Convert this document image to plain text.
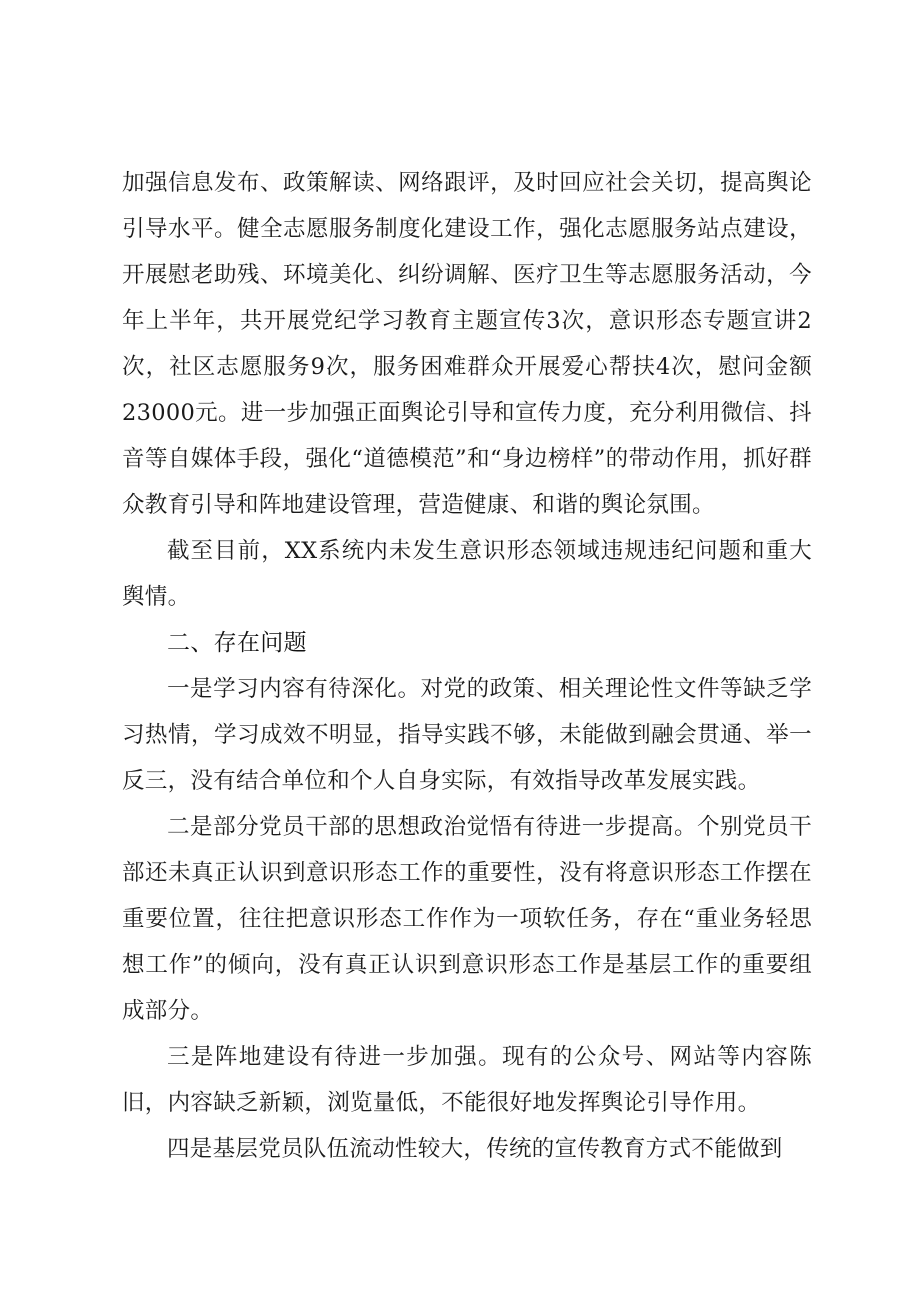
加强信息发布、政策解读、网络跟评，及时回应社会关切，提高舆论引导水平。健全志愿服务制度化建设工作，强化志愿服务站点建设，开展慰老助残、环境美化、纠纷调解、医疗卫生等志愿服务活动，今年上半年，共开展党纪学习教育主题宣传3次，意识形态专题宣讲2次，社区志愿服务9次，服务困难群众开展爱心帮扶4次，慰问金额23000元。进一步加强正面舆论引导和宣传力度，充分利用微信、抖音等自媒体手段，强化“道德模范”和“身边榜样”的带动作用，抓好群众教育引导和阵地建设管理，营造健康、和谐的舆论氛围。

截至目前，XX系统内未发生意识形态领域违规违纪问题和重大舆情。

二、存在问题

一是学习内容有待深化。对党的政策、相关理论性文件等缺乏学习热情，学习成效不明显，指导实践不够，未能做到融会贯通、举一反三，没有结合单位和个人自身实际，有效指导改革发展实践。

二是部分党员干部的思想政治觉悟有待进一步提高。个别党员干部还未真正认识到意识形态工作的重要性，没有将意识形态工作摆在重要位置，往往把意识形态工作作为一项软任务，存在“重业务轻思想工作”的倾向，没有真正认识到意识形态工作是基层工作的重要组成部分。

三是阵地建设有待进一步加强。现有的公众号、网站等内容陈旧，内容缺乏新颖，浏览量低，不能很好地发挥舆论引导作用。

四是基层党员队伍流动性较大，传统的宣传教育方式不能做到
